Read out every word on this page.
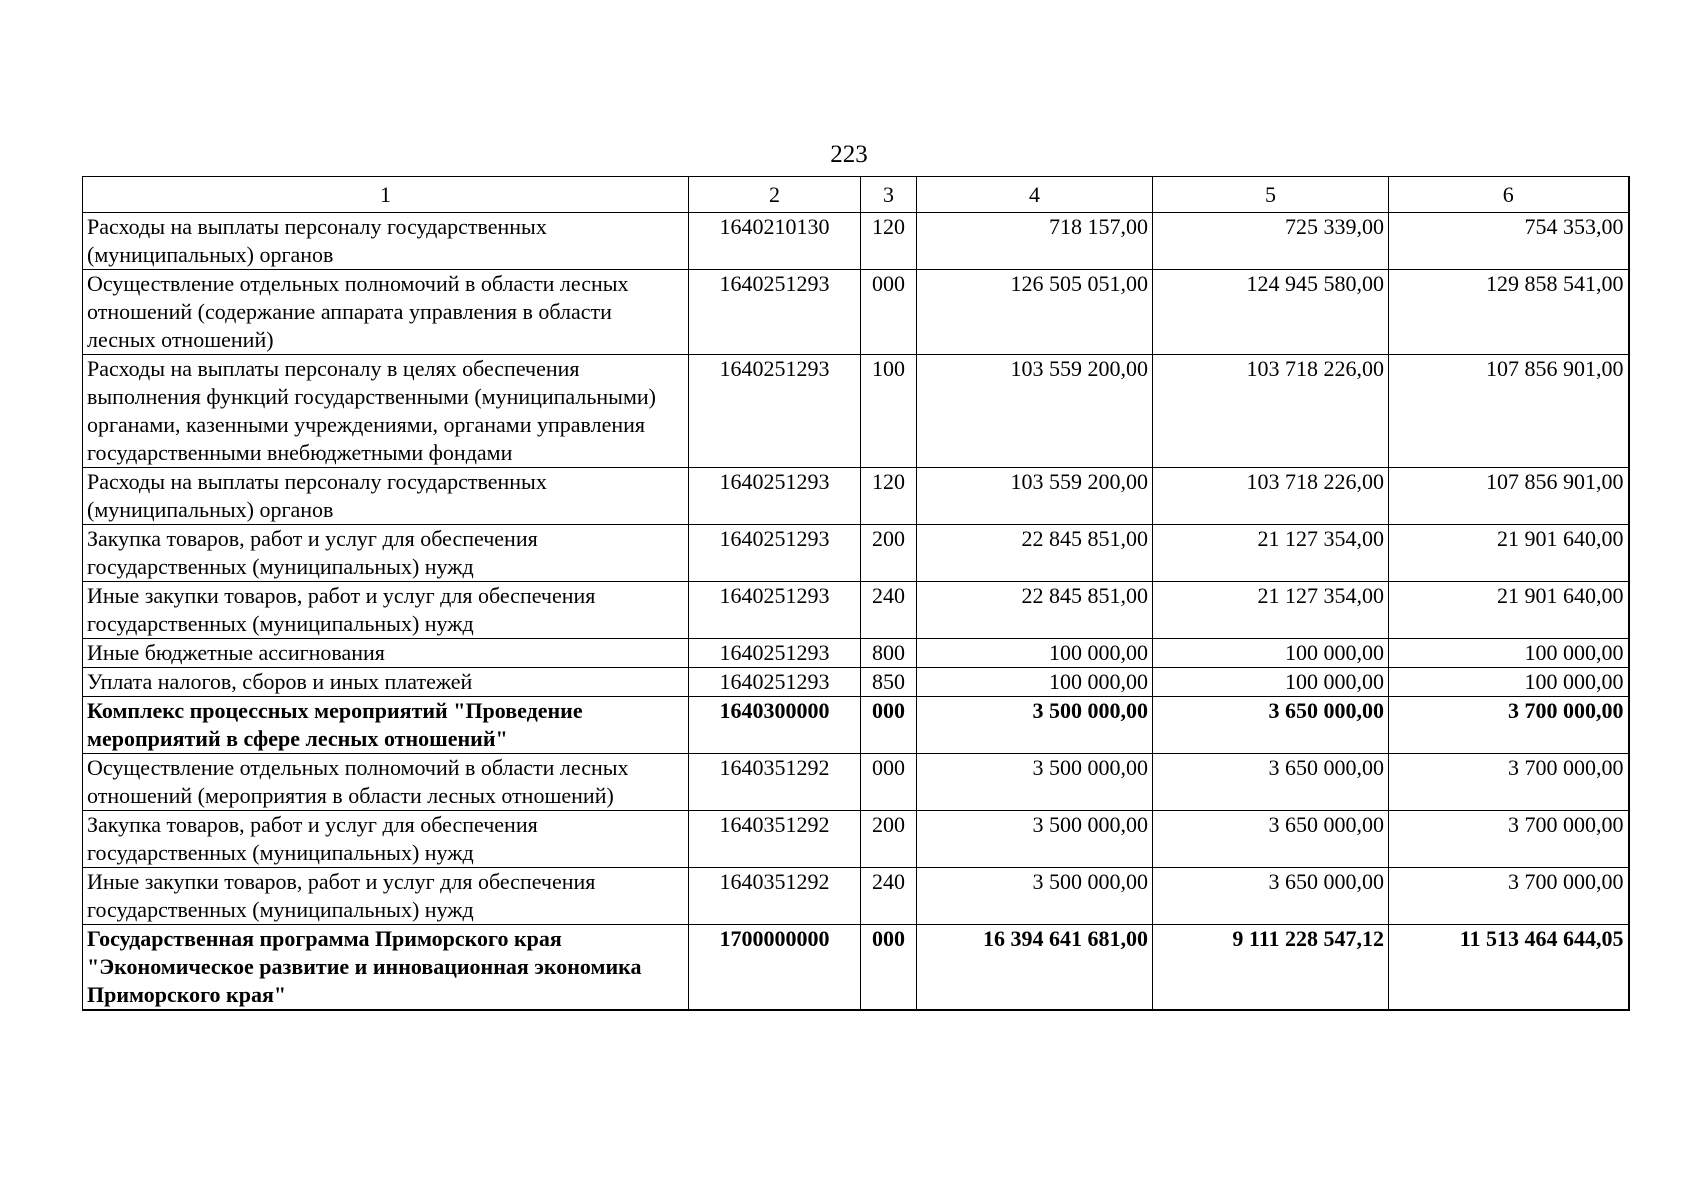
223
1	2	3	4	5	6
Расходы на выплаты персоналу государственных (муниципальных) органов	1640210130	120	718 157,00	725 339,00	754 353,00
Осуществление отдельных полномочий в области лесных отношений (содержание аппарата управления в области лесных отношений)	1640251293	000	126 505 051,00	124 945 580,00	129 858 541,00
Расходы на выплаты персоналу в целях обеспечения выполнения функций государственными (муниципальными) органами, казенными учреждениями, органами управления государственными внебюджетными фондами	1640251293	100	103 559 200,00	103 718 226,00	107 856 901,00
Расходы на выплаты персоналу государственных (муниципальных) органов	1640251293	120	103 559 200,00	103 718 226,00	107 856 901,00
Закупка товаров, работ и услуг для обеспечения государственных (муниципальных) нужд	1640251293	200	22 845 851,00	21 127 354,00	21 901 640,00
Иные закупки товаров, работ и услуг для обеспечения государственных (муниципальных) нужд	1640251293	240	22 845 851,00	21 127 354,00	21 901 640,00
Иные бюджетные ассигнования	1640251293	800	100 000,00	100 000,00	100 000,00
Уплата налогов, сборов и иных платежей	1640251293	850	100 000,00	100 000,00	100 000,00
Комплекс процессных мероприятий "Проведение мероприятий в сфере лесных отношений"	1640300000	000	3 500 000,00	3 650 000,00	3 700 000,00
Осуществление отдельных полномочий в области лесных отношений (мероприятия в области лесных отношений)	1640351292	000	3 500 000,00	3 650 000,00	3 700 000,00
Закупка товаров, работ и услуг для обеспечения государственных (муниципальных) нужд	1640351292	200	3 500 000,00	3 650 000,00	3 700 000,00
Иные закупки товаров, работ и услуг для обеспечения государственных (муниципальных) нужд	1640351292	240	3 500 000,00	3 650 000,00	3 700 000,00
Государственная программа Приморского края "Экономическое развитие и инновационная экономика Приморского края"	1700000000	000	16 394 641 681,00	9 111 228 547,12	11 513 464 644,05
